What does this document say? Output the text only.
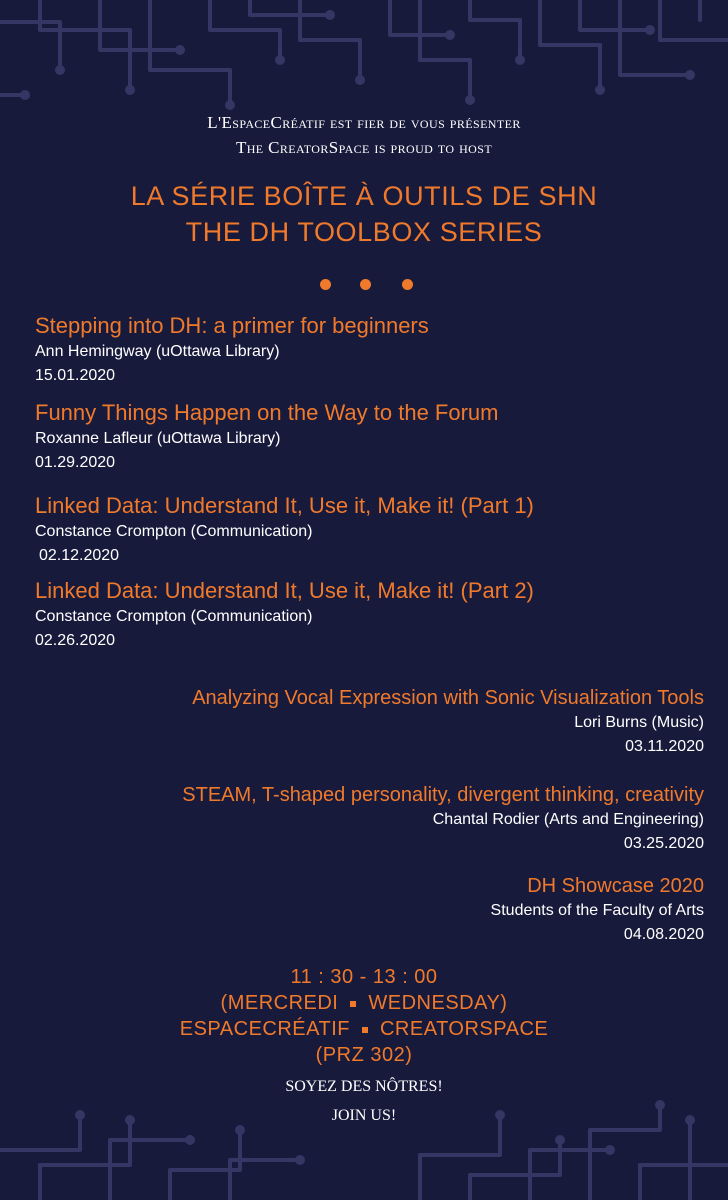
L'EspaceCréatif est fier de vous présenter
The CreatorSpace is proud to host
LA SÉRIE BOÎTE À OUTILS DE SHN
THE DH TOOLBOX SERIES
Stepping into DH: a primer for beginners
Ann Hemingway (uOttawa Library)
15.01.2020
Funny Things Happen on the Way to the Forum
Roxanne Lafleur (uOttawa Library)
01.29.2020
Linked Data: Understand It, Use it, Make it! (Part 1)
Constance Crompton (Communication)
02.12.2020
Linked Data: Understand It, Use it, Make it! (Part 2)
Constance Crompton (Communication)
02.26.2020
Analyzing Vocal Expression with Sonic Visualization Tools
Lori Burns (Music)
03.11.2020
STEAM, T-shaped personality, divergent thinking, creativity
Chantal Rodier (Arts and Engineering)
03.25.2020
DH Showcase 2020
Students of the Faculty of Arts
04.08.2020
11 : 30 - 13 : 00
(MERCREDI WEDNESDAY)
ESPACECRÉATIF CREATORSPACE
(PRZ 302)
SOYEZ DES NÔTRES!
JOIN US!
